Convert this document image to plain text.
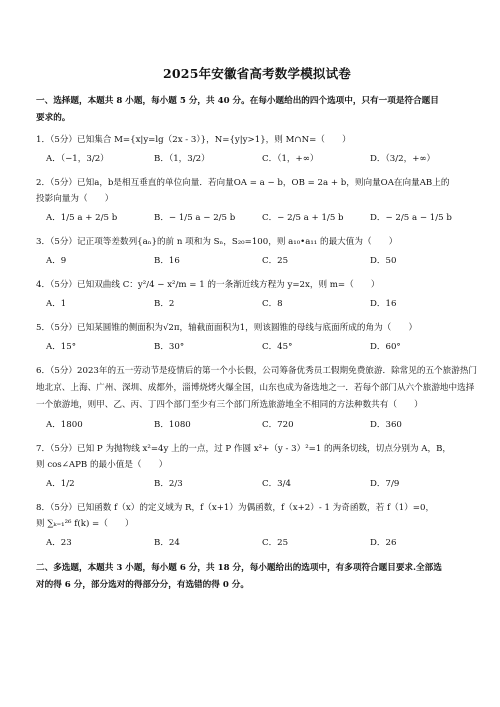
2025年安徽省高考数学模拟试卷
一、选择题，本题共 8 小题，每小题 5 分，共 40 分。在每小题给出的四个选项中，只有一项是符合题目
要求的。
1．（5分）已知集合 M={x|y=lg（2x - 3）}，N={y|y>1}，则 M∩N=（　　）
A．（−1，3/2）	B．（1，3/2）	C．（1，+∞）	D．（3/2，+∞）
2．（5分）已知a，b是相互垂直的单位向量．若向量OA = a − b，OB = 2a + b，则向量OA在向量AB上的
投影向量为（　　）
A．1/5 a + 2/5 b	B．− 1/5 a − 2/5 b	C．− 2/5 a + 1/5 b	D．− 2/5 a − 1/5 b
3．（5分）记正项等差数列{aₙ}的前 n 项和为 Sₙ，S₂₀=100，则 a₁₀•a₁₁ 的最大值为（　　）
A．9	B．16	C．25	D．50
4．（5分）已知双曲线 C：y²/4 − x²/m = 1 的一条渐近线方程为 y=2x，则 m=（　　）
A．1	B．2	C．8	D．16
5．（5分）已知某圆锥的侧面积为√2π，轴截面面积为1，则该圆锥的母线与底面所成的角为（　　）
A．15°	B．30°	C．45°	D．60°
6．（5分）2023年的五一劳动节是疫情后的第一个小长假，公司筹备优秀员工假期免费旅游．除常见的五个旅游热门地北京、上海、广州、深圳、成都外，淄博烧烤火爆全国，山东也成为备选地之一．若每个部门从六个旅游地中选择一个旅游地，则甲、乙、丙、丁四个部门至少有三个部门所选旅游地全不相同的方法种数共有（　　）
A．1800	B．1080	C．720	D．360
7．（5分）已知 P 为抛物线 x²=4y 上的一点，过 P 作圆 x²+（y - 3）²=1 的两条切线，切点分别为 A，B，
则 cos∠APB 的最小值是（　　）
A．1/2	B．2/3	C．3/4	D．7/9
8．（5分）已知函数 f（x）的定义域为 R，f（x+1）为偶函数，f（x+2）- 1 为奇函数，若 f（1）=0，
则 ∑ₖ₌₁²⁶ f(k) =（　　）
A．23	B．24	C．25	D．26
二、多选题，本题共 3 小题，每小题 6 分，共 18 分，每小题给出的选项中，有多项符合题目要求.全部选
对的得 6 分，部分选对的得部分分，有选错的得 0 分。
